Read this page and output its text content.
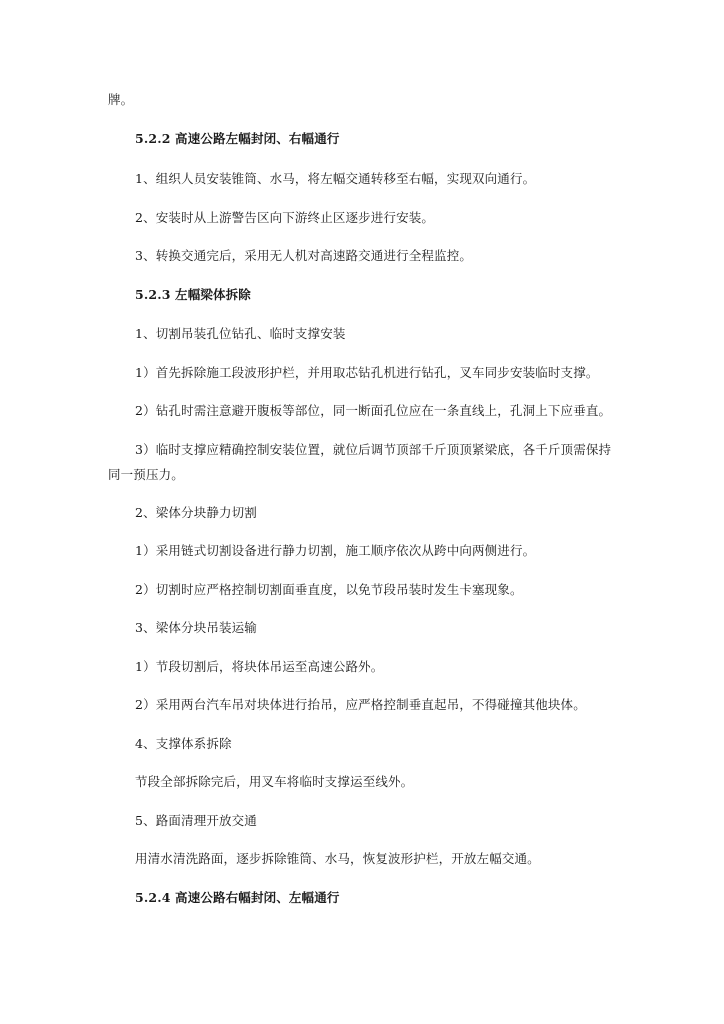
牌。
5.2.2 高速公路左幅封闭、右幅通行
1、组织人员安装锥筒、水马，将左幅交通转移至右幅，实现双向通行。
2、安装时从上游警告区向下游终止区逐步进行安装。
3、转换交通完后，采用无人机对高速路交通进行全程监控。
5.2.3 左幅梁体拆除
1、切割吊装孔位钻孔、临时支撑安装
1）首先拆除施工段波形护栏，并用取芯钻孔机进行钻孔，叉车同步安装临时支撑。
2）钻孔时需注意避开腹板等部位，同一断面孔位应在一条直线上，孔洞上下应垂直。
3）临时支撑应精确控制安装位置，就位后调节顶部千斤顶顶紧梁底，各千斤顶需保持
同一预压力。
2、梁体分块静力切割
1）采用链式切割设备进行静力切割，施工顺序依次从跨中向两侧进行。
2）切割时应严格控制切割面垂直度，以免节段吊装时发生卡塞现象。
3、梁体分块吊装运输
1）节段切割后，将块体吊运至高速公路外。
2）采用两台汽车吊对块体进行抬吊，应严格控制垂直起吊，不得碰撞其他块体。
4、支撑体系拆除
节段全部拆除完后，用叉车将临时支撑运至线外。
5、路面清理开放交通
用清水清洗路面，逐步拆除锥筒、水马，恢复波形护栏，开放左幅交通。
5.2.4 高速公路右幅封闭、左幅通行
